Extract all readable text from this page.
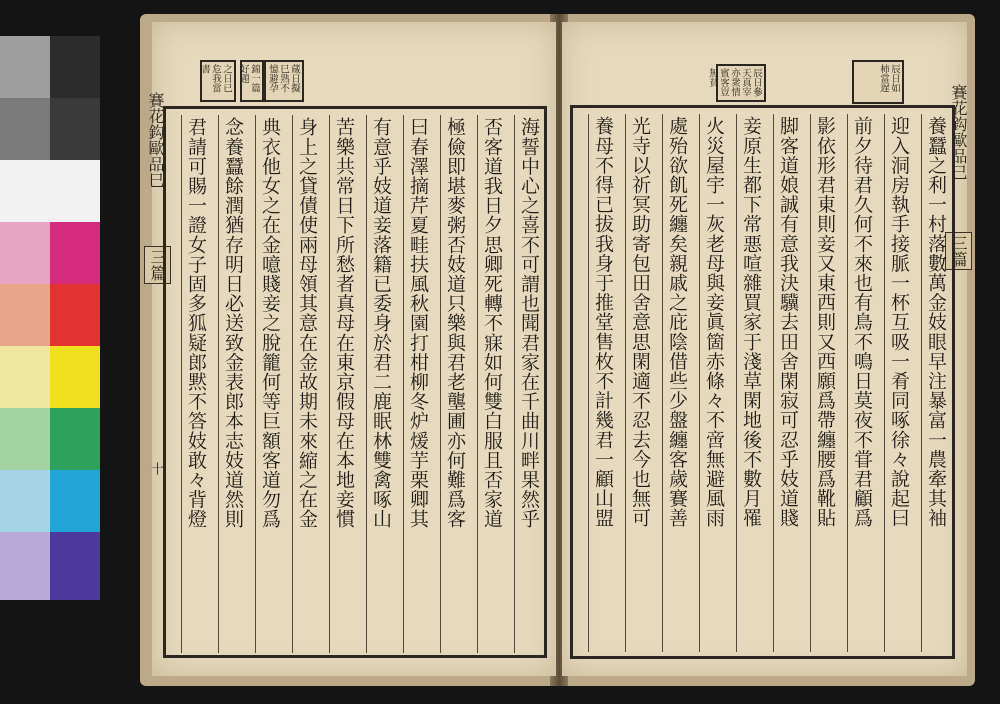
之日已危我當書	錦一篇好題	蔵日擬巳熟不憶避孕
賽花鈎歐品巳
三篇
十	海誓中心之喜不可謂也聞君家在千曲川畔果然乎
否客道我日夕思卿死轉不寐如何雙白服且否家道
極儉即堪麥粥否妓道只樂與君老壟圃亦何難爲客
曰春澤摘芹夏畦扶風秋園打柑柳冬炉煖芋栗卿其
有意乎妓道妾落籍已委身於君二鹿眠林雙禽啄山
苦樂共常日下所愁者真母在東京假母在本地妾慣
身上之貸債使兩母領其意在金故期未來縮之在金
典衣他女之在金噫賤妾之脫籠何等巨額客道勿爲
念養蠶餘潤猶存明日必送致金表郎本志妓道然則
君請可賜一證女子固多狐疑郎黙不答妓敢々背燈
辰日參天真宰亦衆情賓客豈無貧	辰日如柿當遅
賽花鈎歐品巳
三篇
養蠶之利一村落數萬金妓眼早注暴富一農牽其袖
迎入洞房執手接脈一杯互吸一肴同啄徐々說起曰
前夕待君久何不來也有鳥不鳴日莫夜不甞君顧爲
影依形君東則妾又東西則又西願爲帶纏腰爲靴貼
脚客道娘誠有意我決驥去田舍閑寂可忍乎妓道賤
妾原生都下常悪喧雜買家于淺草閑地後不數月罹
火災屋宇一灰老母與妾眞箇赤條々不啻無避風雨
處殆欲飢死纏矣親戚之庇陰借些少盤纏客歲賽善
光寺以祈冥助寄包田舍意思閑適不忍去今也無可
養母不得已拔我身于推堂售枚不計幾君一顧山盟
